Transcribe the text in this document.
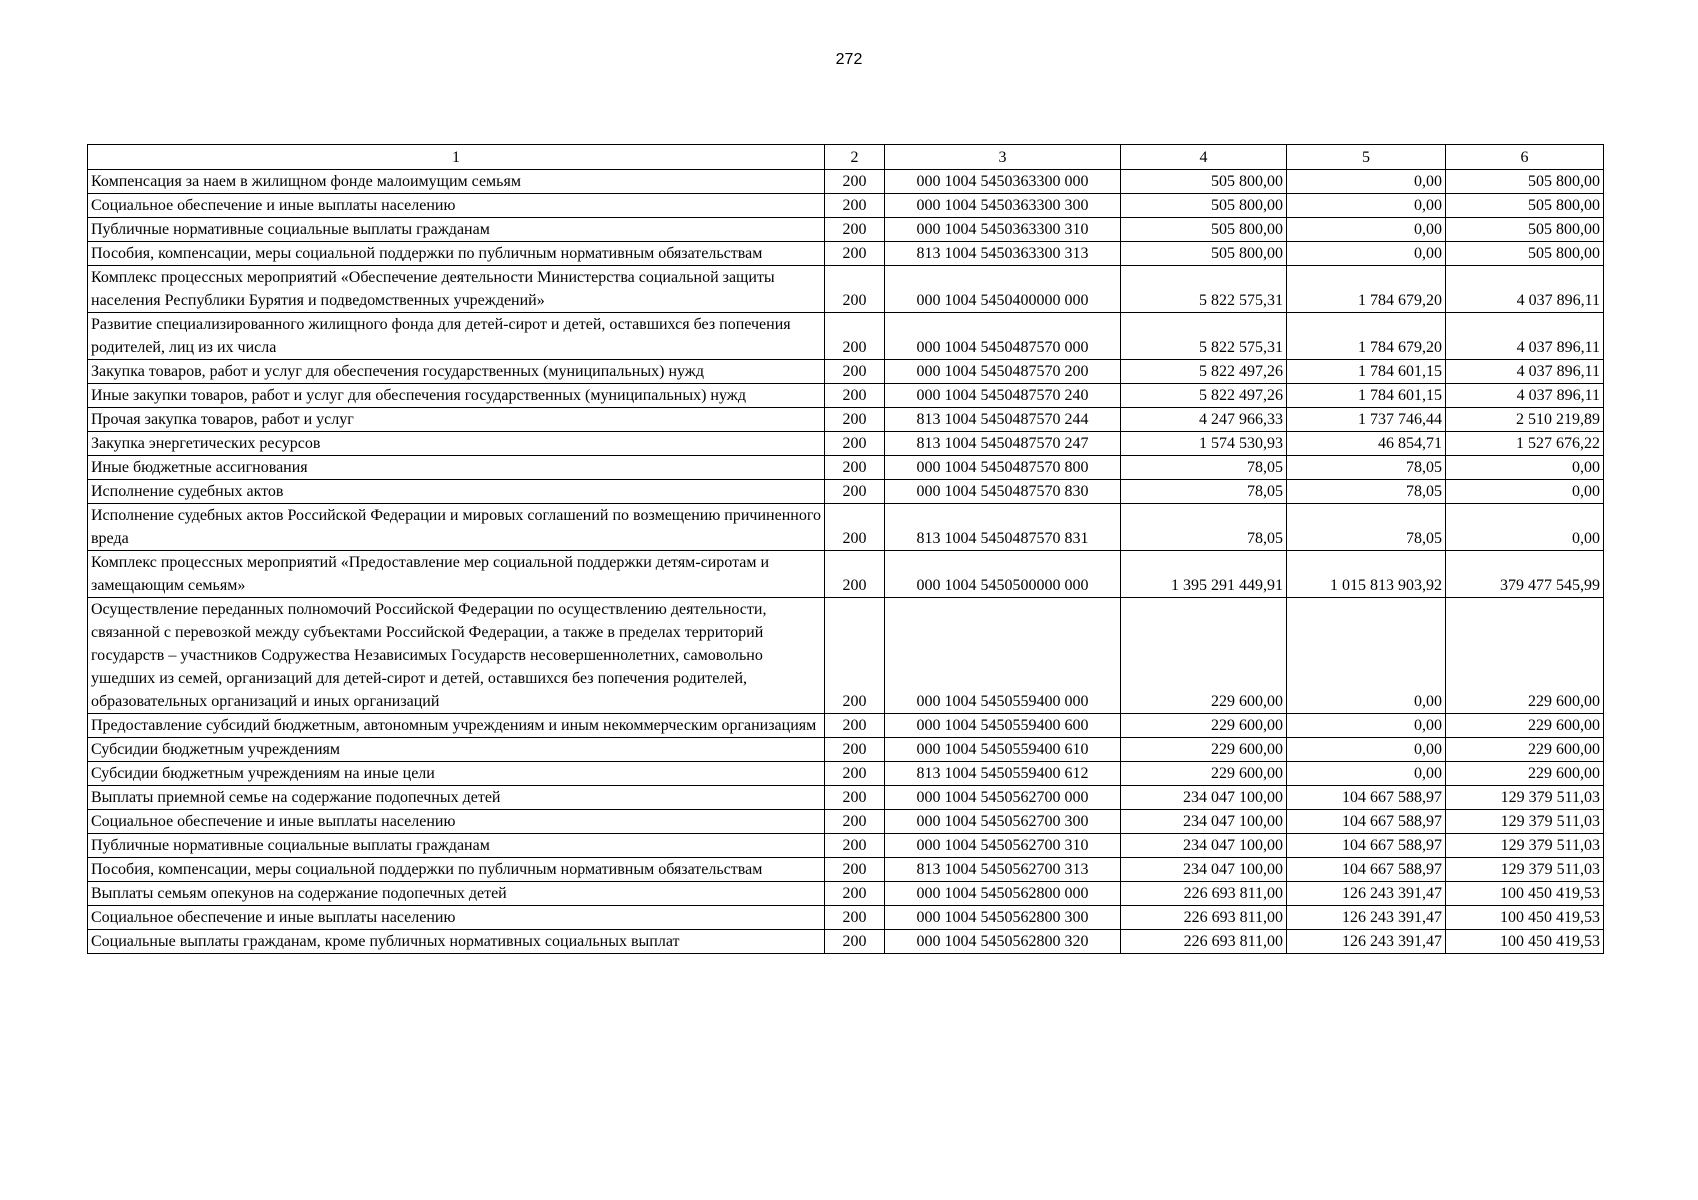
272
1	2	3	4	5	6
Компенсация за наем в жилищном фонде малоимущим семьям	200	000 1004 5450363300 000	505 800,00	0,00	505 800,00
Социальное обеспечение и иные выплаты населению	200	000 1004 5450363300 300	505 800,00	0,00	505 800,00
Публичные нормативные социальные выплаты гражданам	200	000 1004 5450363300 310	505 800,00	0,00	505 800,00
Пособия, компенсации, меры социальной поддержки по публичным нормативным обязательствам	200	813 1004 5450363300 313	505 800,00	0,00	505 800,00
Комплекс процессных мероприятий «Обеспечение деятельности Министерства социальной защиты населения Республики Бурятия и подведомственных учреждений»	200	000 1004 5450400000 000	5 822 575,31	1 784 679,20	4 037 896,11
Развитие специализированного жилищного фонда для детей-сирот и детей, оставшихся без попечения родителей, лиц из их числа	200	000 1004 5450487570 000	5 822 575,31	1 784 679,20	4 037 896,11
Закупка товаров, работ и услуг для обеспечения государственных (муниципальных) нужд	200	000 1004 5450487570 200	5 822 497,26	1 784 601,15	4 037 896,11
Иные закупки товаров, работ и услуг для обеспечения государственных (муниципальных) нужд	200	000 1004 5450487570 240	5 822 497,26	1 784 601,15	4 037 896,11
Прочая закупка товаров, работ и услуг	200	813 1004 5450487570 244	4 247 966,33	1 737 746,44	2 510 219,89
Закупка энергетических ресурсов	200	813 1004 5450487570 247	1 574 530,93	46 854,71	1 527 676,22
Иные бюджетные ассигнования	200	000 1004 5450487570 800	78,05	78,05	0,00
Исполнение судебных актов	200	000 1004 5450487570 830	78,05	78,05	0,00
Исполнение судебных актов Российской Федерации и мировых соглашений по возмещению причиненного вреда	200	813 1004 5450487570 831	78,05	78,05	0,00
Комплекс процессных мероприятий «Предоставление мер социальной поддержки детям-сиротам и замещающим семьям»	200	000 1004 5450500000 000	1 395 291 449,91	1 015 813 903,92	379 477 545,99
Осуществление переданных полномочий Российской Федерации по осуществлению деятельности, связанной с перевозкой между субъектами Российской Федерации, а также в пределах территорий государств – участников Содружества Независимых Государств несовершеннолетних, самовольно ушедших из семей, организаций для детей-сирот и детей, оставшихся без попечения родителей, образовательных организаций и иных организаций	200	000 1004 5450559400 000	229 600,00	0,00	229 600,00
Предоставление субсидий бюджетным, автономным учреждениям и иным некоммерческим организациям	200	000 1004 5450559400 600	229 600,00	0,00	229 600,00
Субсидии бюджетным учреждениям	200	000 1004 5450559400 610	229 600,00	0,00	229 600,00
Субсидии бюджетным учреждениям на иные цели	200	813 1004 5450559400 612	229 600,00	0,00	229 600,00
Выплаты приемной семье на содержание подопечных детей	200	000 1004 5450562700 000	234 047 100,00	104 667 588,97	129 379 511,03
Социальное обеспечение и иные выплаты населению	200	000 1004 5450562700 300	234 047 100,00	104 667 588,97	129 379 511,03
Публичные нормативные социальные выплаты гражданам	200	000 1004 5450562700 310	234 047 100,00	104 667 588,97	129 379 511,03
Пособия, компенсации, меры социальной поддержки по публичным нормативным обязательствам	200	813 1004 5450562700 313	234 047 100,00	104 667 588,97	129 379 511,03
Выплаты семьям опекунов на содержание подопечных детей	200	000 1004 5450562800 000	226 693 811,00	126 243 391,47	100 450 419,53
Социальное обеспечение и иные выплаты населению	200	000 1004 5450562800 300	226 693 811,00	126 243 391,47	100 450 419,53
Социальные выплаты гражданам, кроме публичных нормативных социальных выплат	200	000 1004 5450562800 320	226 693 811,00	126 243 391,47	100 450 419,53
